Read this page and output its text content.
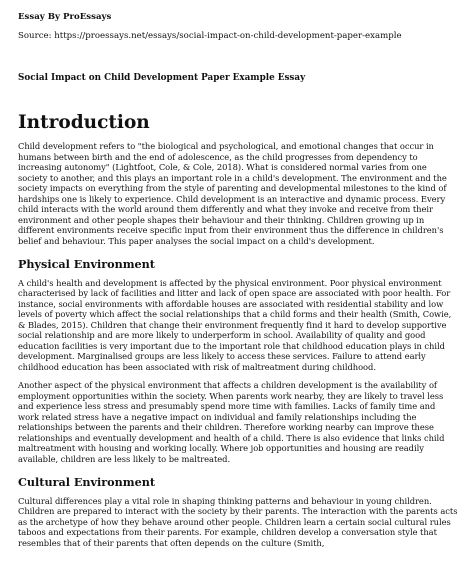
Essay By ProEssays

Source: https://proessays.net/essays/social-impact-on-child-development-paper-example

Social Impact on Child Development Paper Example Essay

Introduction

Child development refers to "the biological and psychological, and emotional changes that occur in humans between birth and the end of adolescence, as the child progresses from dependency to increasing autonomy" (Lightfoot, Cole, & Cole, 2018). What is considered normal varies from one society to another, and this plays an important role in a child's development. The environment and the society impacts on everything from the style of parenting and developmental milestones to the kind of hardships one is likely to experience. Child development is an interactive and dynamic process. Every child interacts with the world around them differently and what they invoke and receive from their environment and other people shapes their behaviour and their thinking. Children growing up in different environments receive specific input from their environment thus the difference in children's belief and behaviour. This paper analyses the social impact on a child's development.

Physical Environment

A child's health and development is affected by the physical environment. Poor physical environment characterised by lack of facilities and litter and lack of open space are associated with poor health. For instance, social environments with affordable houses are associated with residential stability and low levels of poverty which affect the social relationships that a child forms and their health (Smith, Cowie, & Blades, 2015). Children that change their environment frequently find it hard to develop supportive social relationship and are more likely to underperform in school. Availability of quality and good education facilities is very important due to the important role that childhood education plays in child development. Marginalised groups are less likely to access these services. Failure to attend early childhood education has been associated with risk of maltreatment during childhood.

Another aspect of the physical environment that affects a children development is the availability of employment opportunities within the society. When parents work nearby, they are likely to travel less and experience less stress and presumably spend more time with families. Lacks of family time and work related stress have a negative impact on individual and family relationships including the relationships between the parents and their children. Therefore working nearby can improve these relationships and eventually development and health of a child. There is also evidence that links child maltreatment with housing and working locally. Where job opportunities and housing are readily available, children are less likely to be maltreated.

Cultural Environment

Cultural differences play a vital role in shaping thinking patterns and behaviour in young children. Children are prepared to interact with the society by their parents. The interaction with the parents acts as the archetype of how they behave around other people. Children learn a certain social cultural rules taboos and expectations from their parents. For example, children develop a conversation style that resembles that of their parents that often depends on the culture (Smith,
